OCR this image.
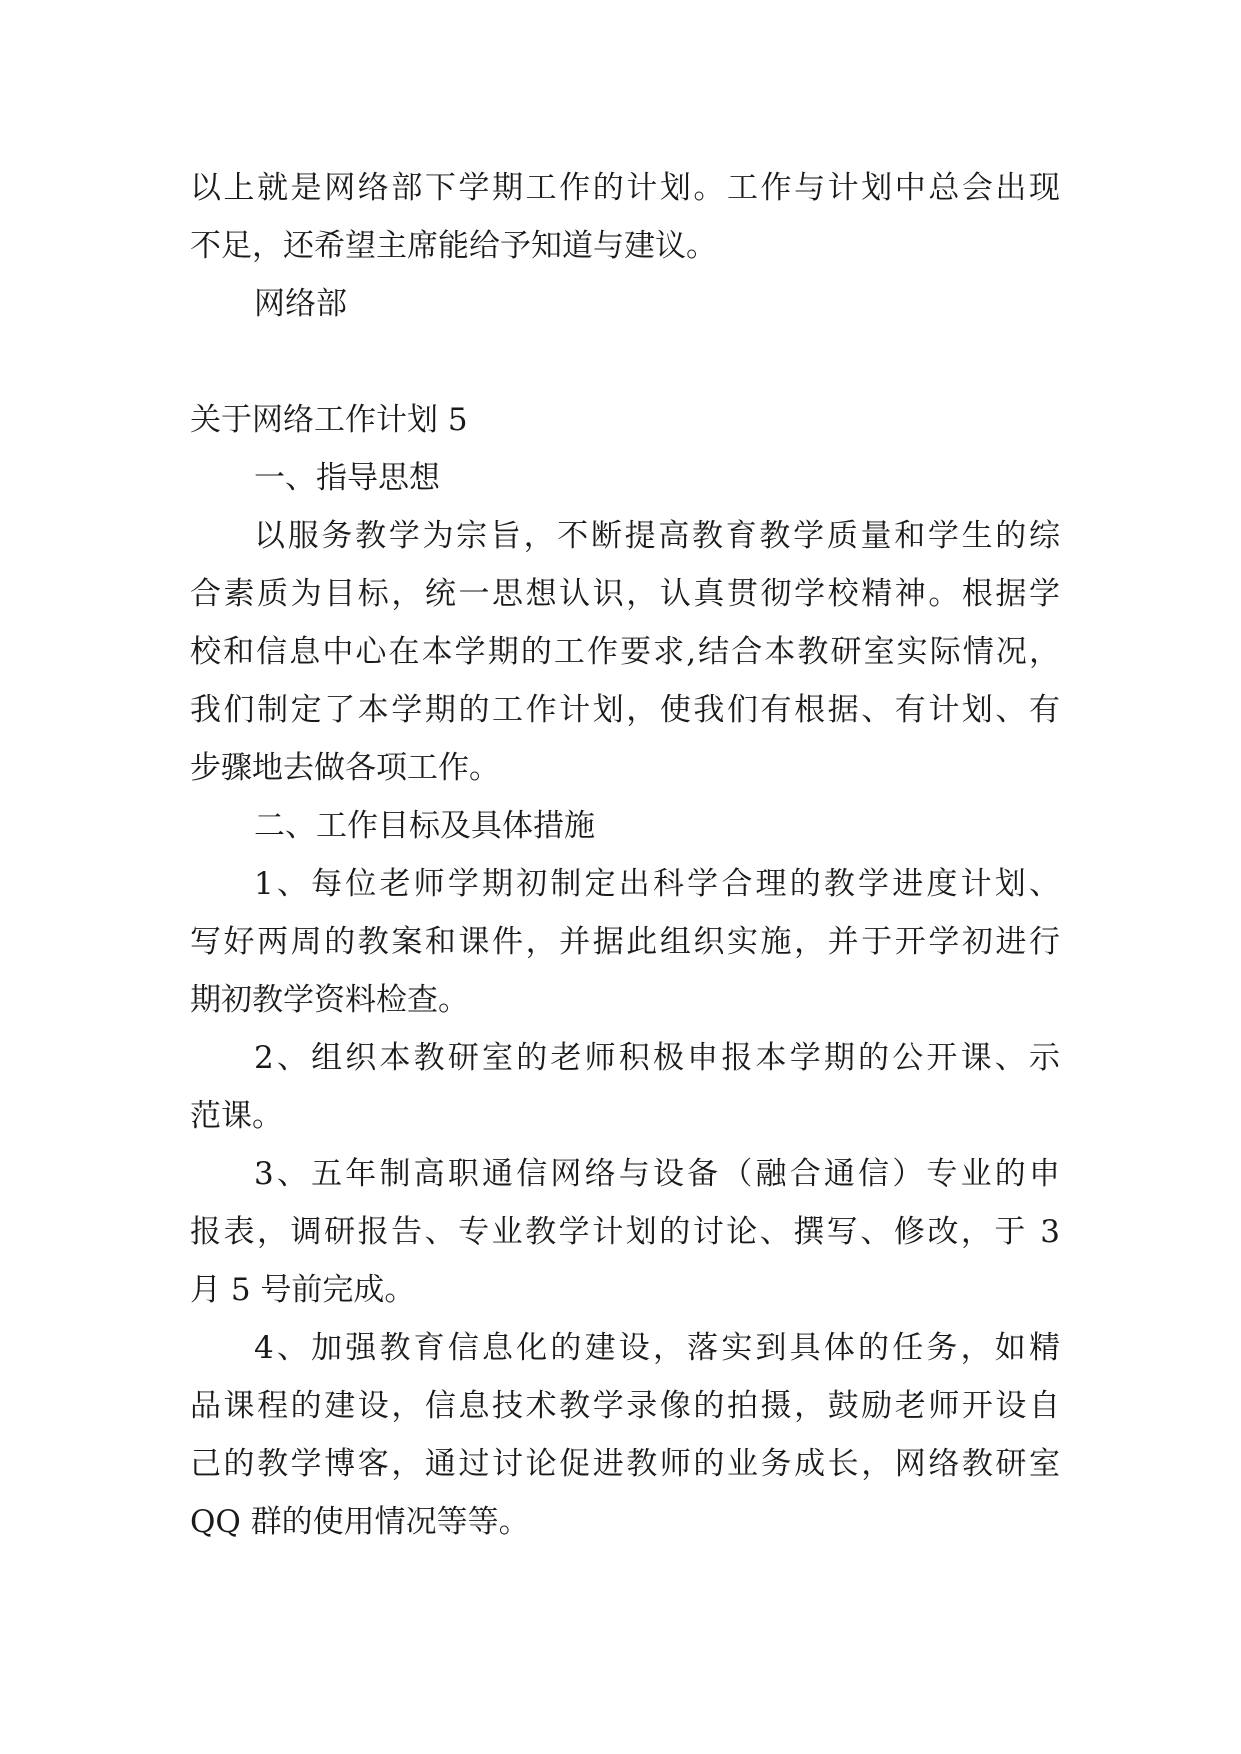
以上就是网络部下学期工作的计划。工作与计划中总会出现
不足，还希望主席能给予知道与建议。
网络部
关于网络工作计划 5
一、指导思想
以服务教学为宗旨，不断提高教育教学质量和学生的综
合素质为目标，统一思想认识，认真贯彻学校精神。根据学
校和信息中心在本学期的工作要求,结合本教研室实际情况，
我们制定了本学期的工作计划，使我们有根据、有计划、有
步骤地去做各项工作。
二、工作目标及具体措施
1、每位老师学期初制定出科学合理的教学进度计划、
写好两周的教案和课件，并据此组织实施，并于开学初进行
期初教学资料检查。
2、组织本教研室的老师积极申报本学期的公开课、示
范课。
3、五年制高职通信网络与设备（融合通信）专业的申
报表，调研报告、专业教学计划的讨论、撰写、修改，于 3
月 5 号前完成。
4、加强教育信息化的建设，落实到具体的任务，如精
品课程的建设，信息技术教学录像的拍摄，鼓励老师开设自
己的教学博客，通过讨论促进教师的业务成长，网络教研室
QQ 群的使用情况等等。
